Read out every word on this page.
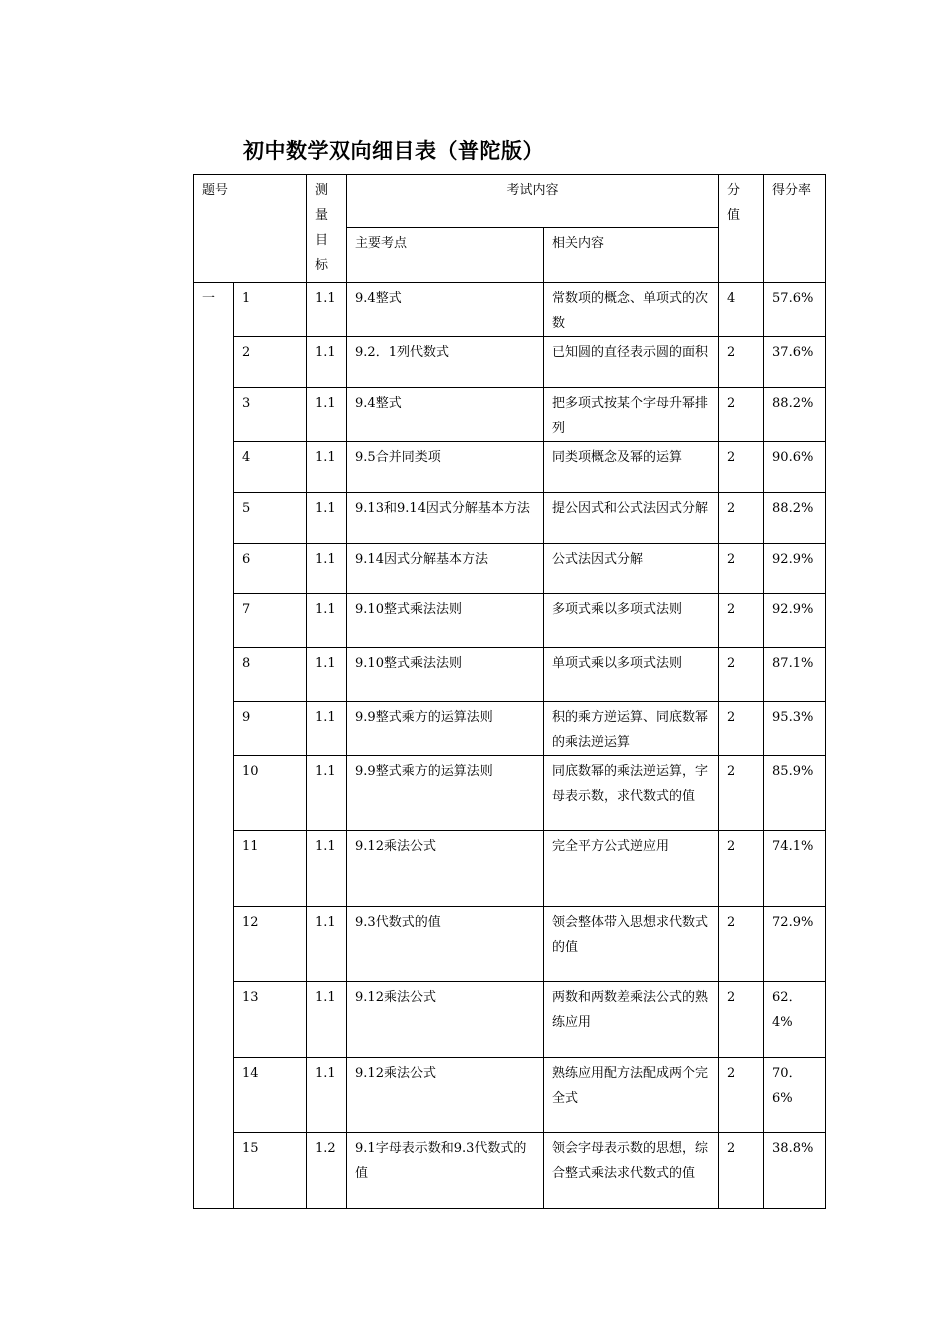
初中数学双向细目表（普陀版）
题号		测
量
目
标	考试内容		分
值	得分率
			主要考点	相关内容		
一	1	1.1	9.4整式	常数项的概念、单项式的次数	4	57.6%
	2	1.1	9.2．1列代数式	已知圆的直径表示圆的面积	2	37.6%
	3	1.1	9.4整式	把多项式按某个字母升幂排列	2	88.2%
	4	1.1	9.5合并同类项	同类项概念及幂的运算	2	90.6%
	5	1.1	9.13和9.14因式分解基本方法	提公因式和公式法因式分解	2	88.2%
	6	1.1	9.14因式分解基本方法	公式法因式分解	2	92.9%
	7	1.1	9.10整式乘法法则	多项式乘以多项式法则	2	92.9%
	8	1.1	9.10整式乘法法则	单项式乘以多项式法则	2	87.1%
	9	1.1	9.9整式乘方的运算法则	积的乘方逆运算、同底数幂的乘法逆运算	2	95.3%
	10	1.1	9.9整式乘方的运算法则	同底数幂的乘法逆运算，字母表示数，求代数式的值	2	85.9%
	11	1.1	9.12乘法公式	完全平方公式逆应用	2	74.1%
	12	1.1	9.3代数式的值	领会整体带入思想求代数式的值	2	72.9%
	13	1.1	9.12乘法公式	两数和两数差乘法公式的熟练应用	2	62．4%
	14	1.1	9.12乘法公式	熟练应用配方法配成两个完全式	2	70．6%
	15	1.2	9.1字母表示数和9.3代数式的值	领会字母表示数的思想，综合整式乘法求代数式的值	2	38.8%
